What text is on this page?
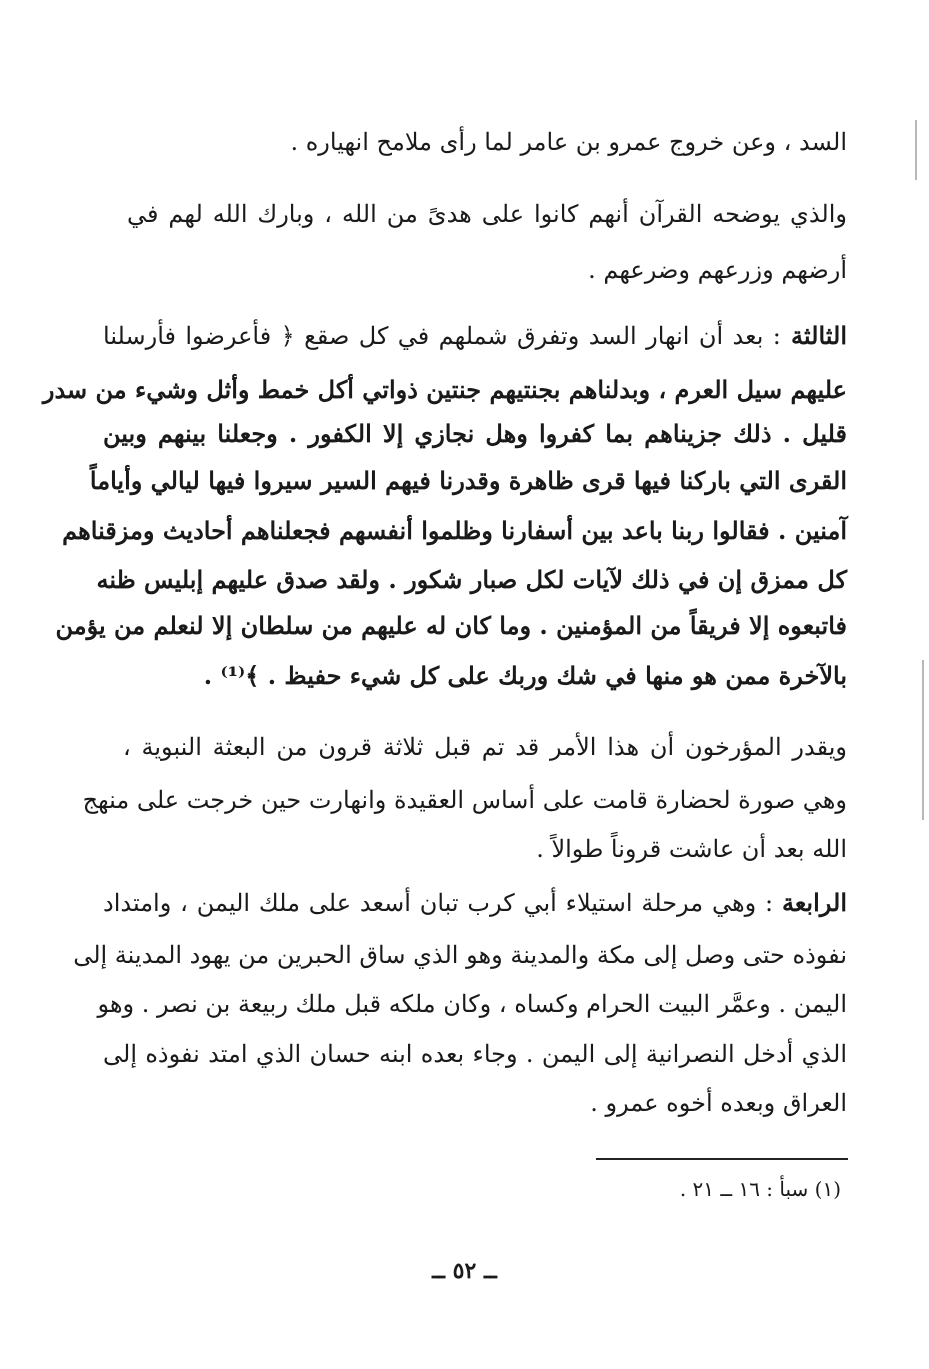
السد ، وعن خروج عمرو بن عامر لما رأى ملامح انهياره .
والذي يوضحه القرآن أنهم كانوا على هدىً من الله ، وبارك الله لهم في
أرضهم وزرعهم وضرعهم .
الثالثة : بعد أن انهار السد وتفرق شملهم في كل صقع ﴿ فأعرضوا فأرسلنا
عليهم سيل العرم ، وبدلناهم بجنتيهم جنتين ذواتي أكل خمط وأثل وشيء من سدر
قليل . ذلك جزيناهم بما كفروا وهل نجازي إلا الكفور . وجعلنا بينهم وبين
القرى التي باركنا فيها قرى ظاهرة وقدرنا فيهم السير سيروا فيها ليالي وأياماً
آمنين . فقالوا ربنا باعد بين أسفارنا وظلموا أنفسهم فجعلناهم أحاديث ومزقناهم
كل ممزق إن في ذلك لآيات لكل صبار شكور . ولقد صدق عليهم إبليس ظنه
فاتبعوه إلا فريقاً من المؤمنين . وما كان له عليهم من سلطان إلا لنعلم من يؤمن
بالآخرة ممن هو منها في شك وربك على كل شيء حفيظ . ﴾⁽¹⁾ .
ويقدر المؤرخون أن هذا الأمر قد تم قبل ثلاثة قرون من البعثة النبوية ،
وهي صورة لحضارة قامت على أساس العقيدة وانهارت حين خرجت على منهج
الله بعد أن عاشت قروناً طوالاً .
الرابعة : وهي مرحلة استيلاء أبي كرب تبان أسعد على ملك اليمن ، وامتداد
نفوذه حتى وصل إلى مكة والمدينة وهو الذي ساق الحبرين من يهود المدينة إلى
اليمن . وعمَّر البيت الحرام وكساه ، وكان ملكه قبل ملك ربيعة بن نصر . وهو
الذي أدخل النصرانية إلى اليمن . وجاء بعده ابنه حسان الذي امتد نفوذه إلى
العراق وبعده أخوه عمرو .
(١) سبأ : ١٦ ــ ٢١ .
ــ ٥٢ ــ
